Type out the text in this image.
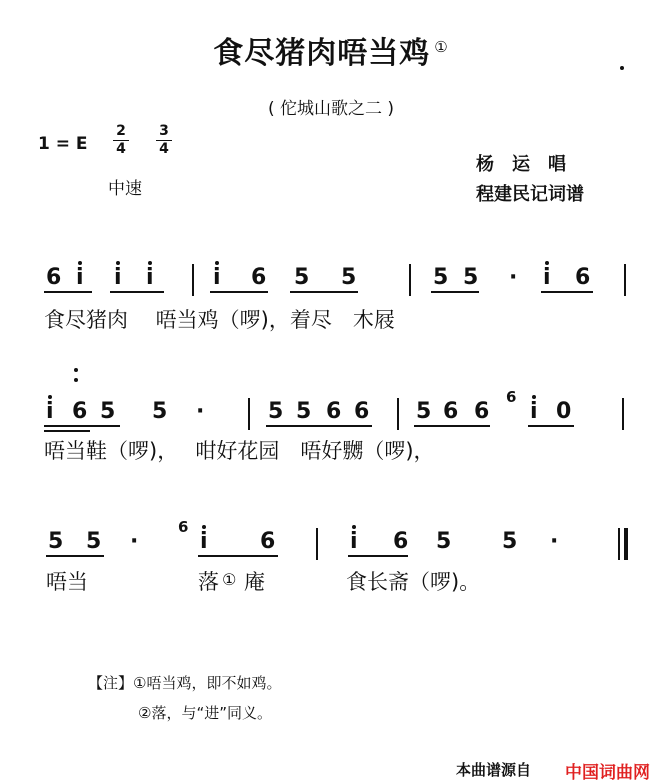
食尽猪肉唔当鸡 ①
( 佗城山歌之二 )
1 = E
2
4
3
4
中速
杨　运　唱
程建民记词谱
6 i i i	i 6 5 5	5 5 · i 6
食尽猪肉　 唔当鸡（啰)，着尽　木屐
i 6 5 5 ·	5 5 6 6 5 6 6
6
i 0
唔当鞋（啰)，　 咁好花园　唔好嬲（啰)，
5 5 ·
6
i 6	i 6 5 5 ·
唔当	落 ① 庵	食长斋（啰)。
【注】①唔当鸡，即不如鸡。
②落，与“进”同义。
本曲谱源自 中国词曲网
